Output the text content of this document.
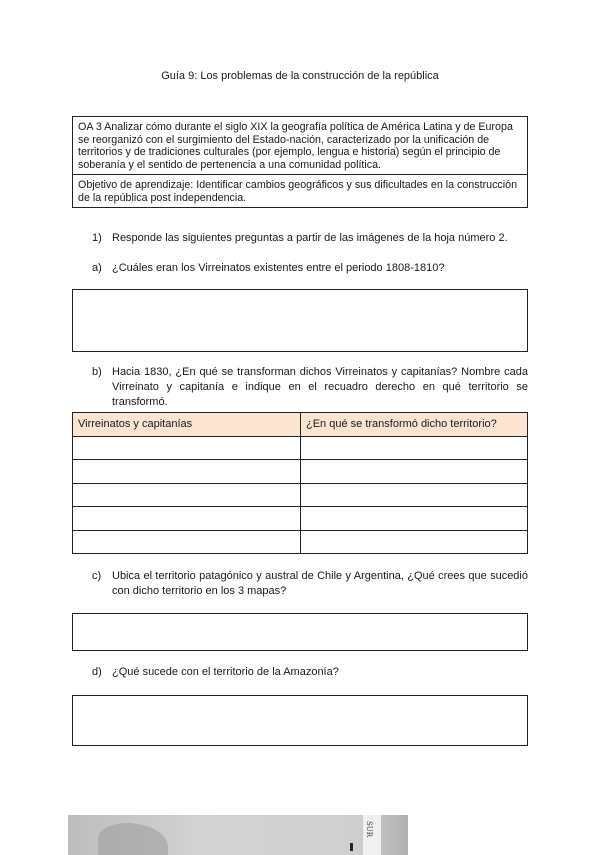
Guía 9: Los problemas de la construcción de la república
OA 3 Analizar cómo durante el siglo XIX la geografía política de América Latina y de Europa se reorganizó con el surgimiento del Estado-nación, caracterizado por la unificación de territorios y de tradiciones culturales (por ejemplo, lengua e historia) según el principio de soberanía y el sentido de pertenencia a una comunidad política.
Objetivo de aprendizaje: Identificar cambios geográficos y sus dificultades en la construcción de la república post independencia.
1) Responde las siguientes preguntas a partir de las imágenes de la hoja número 2.
a) ¿Cuáles eran los Virreinatos existentes entre el periodo 1808-1810?
b) Hacia 1830, ¿En qué se transforman dichos Virreinatos y capitanías? Nombre cada Virreinato y capitanía e indique en el recuadro derecho en qué territorio se transformó.
Virreinatos y capitanías	¿En qué se transformó dicho territorio?

c) Ubica el territorio patagónico y austral de Chile y Argentina, ¿Qué crees que sucedió con dicho territorio en los 3 mapas?
d) ¿Qué sucede con el territorio de la Amazonía?
SUR
